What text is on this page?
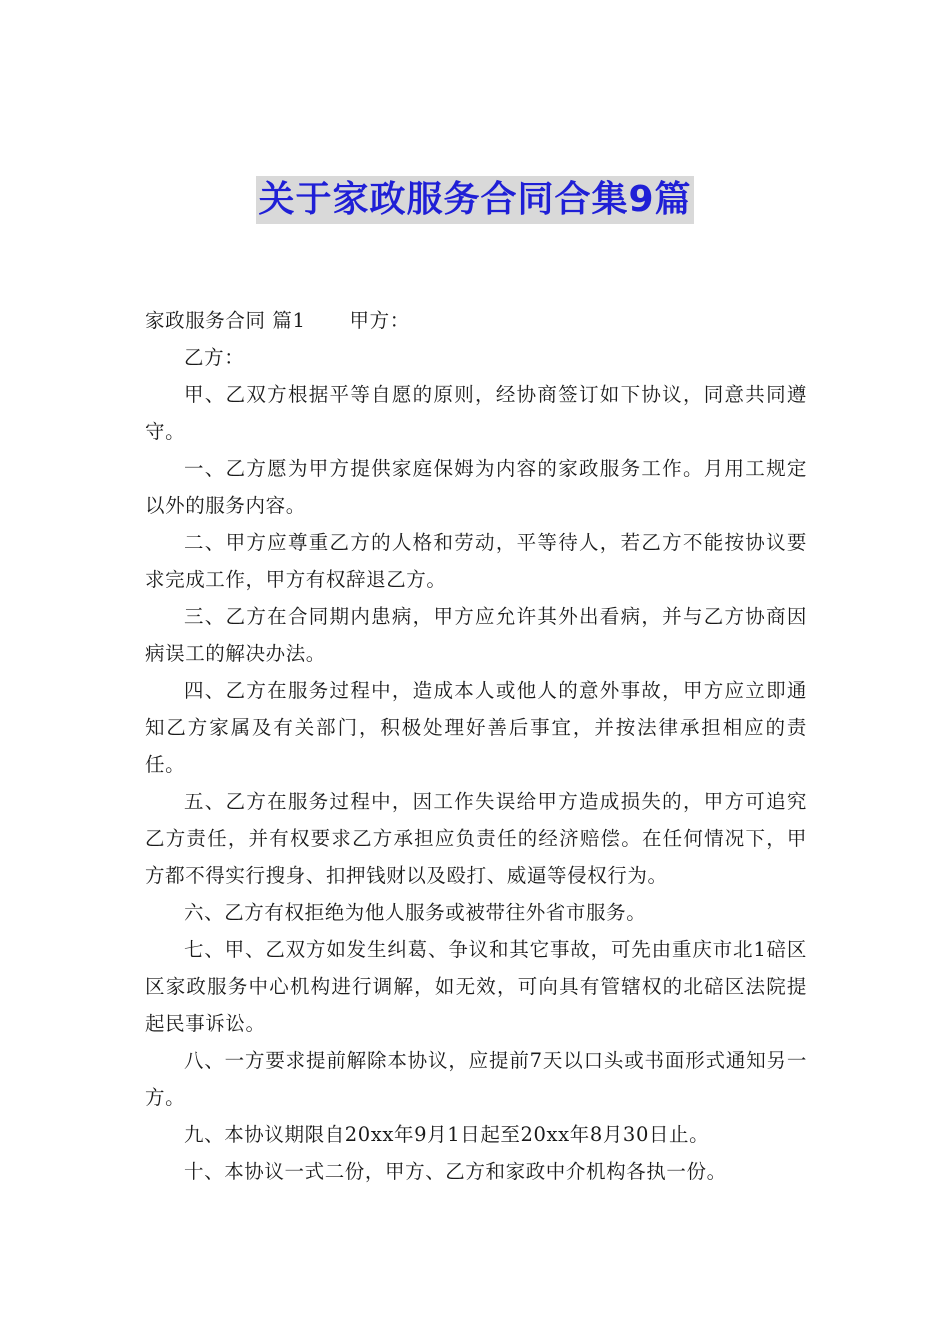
关于家政服务合同合集9篇

家政服务合同 篇1 甲方：

乙方：

甲、乙双方根据平等自愿的原则，经协商签订如下协议，同意共同遵守。

一、乙方愿为甲方提供家庭保姆为内容的家政服务工作。月用工规定以外的服务内容。

二、甲方应尊重乙方的人格和劳动，平等待人，若乙方不能按协议要求完成工作，甲方有权辞退乙方。

三、乙方在合同期内患病，甲方应允许其外出看病，并与乙方协商因病误工的解决办法。

四、乙方在服务过程中，造成本人或他人的意外事故，甲方应立即通知乙方家属及有关部门，积极处理好善后事宜，并按法律承担相应的责任。

五、乙方在服务过程中，因工作失误给甲方造成损失的，甲方可追究乙方责任，并有权要求乙方承担应负责任的经济赔偿。在任何情况下，甲方都不得实行搜身、扣押钱财以及殴打、威逼等侵权行为。

六、乙方有权拒绝为他人服务或被带往外省市服务。

七、甲、乙双方如发生纠葛、争议和其它事故，可先由重庆市北1碚区区家政服务中心机构进行调解，如无效，可向具有管辖权的北碚区法院提起民事诉讼。

八、一方要求提前解除本协议，应提前7天以口头或书面形式通知另一方。

九、本协议期限自20xx年9月1日起至20xx年8月30日止。

十、本协议一式二份，甲方、乙方和家政中介机构各执一份。
